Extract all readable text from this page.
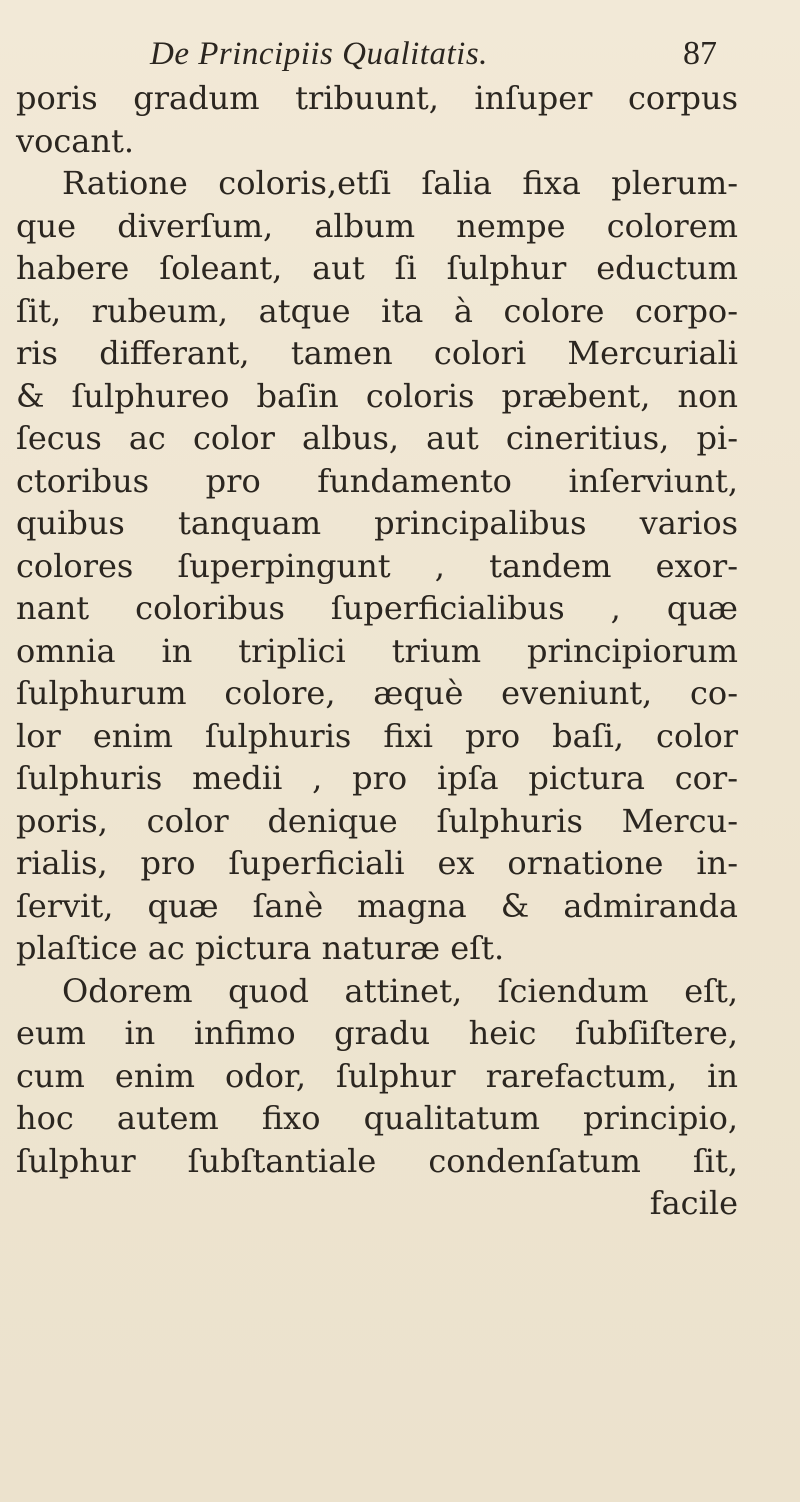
De Principiis Qualitatis.	87
poris gradum tribuunt, inſuper corpus
vocant.
Ratione coloris,etſi ſalia fixa plerum-
que diverſum, album nempe colorem
habere ſoleant, aut ſi ſulphur eductum
ſit, rubeum, atque ita à colore corpo-
ris differant, tamen colori Mercuriali
& ſulphureo baſin coloris præbent, non
ſecus ac color albus, aut cineritius, pi-
ctoribus pro fundamento inſerviunt,
quibus tanquam principalibus varios
colores ſuperpingunt , tandem exor-
nant coloribus ſuperficialibus , quæ
omnia in triplici trium principiorum
ſulphurum colore, æquè eveniunt, co-
lor enim ſulphuris fixi pro baſi, color
ſulphuris medii , pro ipſa pictura cor-
poris, color denique ſulphuris Mercu-
rialis, pro ſuperficiali ex ornatione in-
ſervit, quæ ſanè magna & admiranda
plaſtice ac pictura naturæ eſt.
Odorem quod attinet, ſciendum eſt,
eum in infimo gradu heic ſubſiſtere,
cum enim odor, ſulphur rarefactum, in
hoc autem fixo qualitatum principio,
ſulphur ſubſtantiale condenſatum ſit,
facile
